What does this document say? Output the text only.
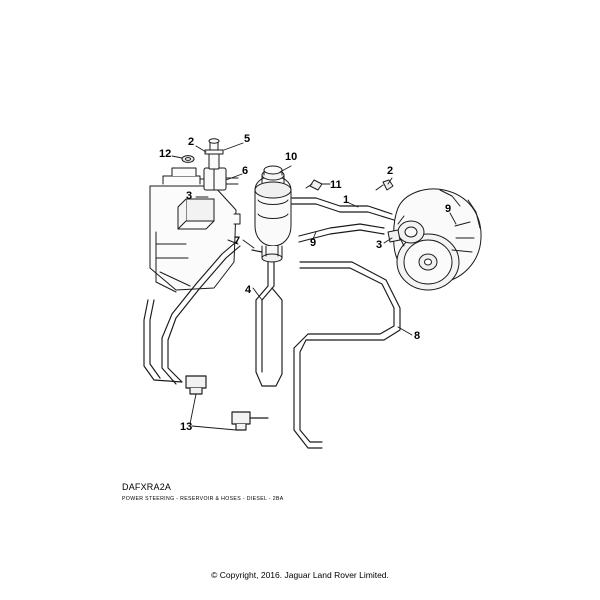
1
2
2
3
3
4
5
6
7
8
9
9
10
11
12
13
DAFXRA2A
POWER STEERING - RESERVOIR & HOSES - DIESEL - 2BA
© Copyright, 2016. Jaguar Land Rover Limited.
